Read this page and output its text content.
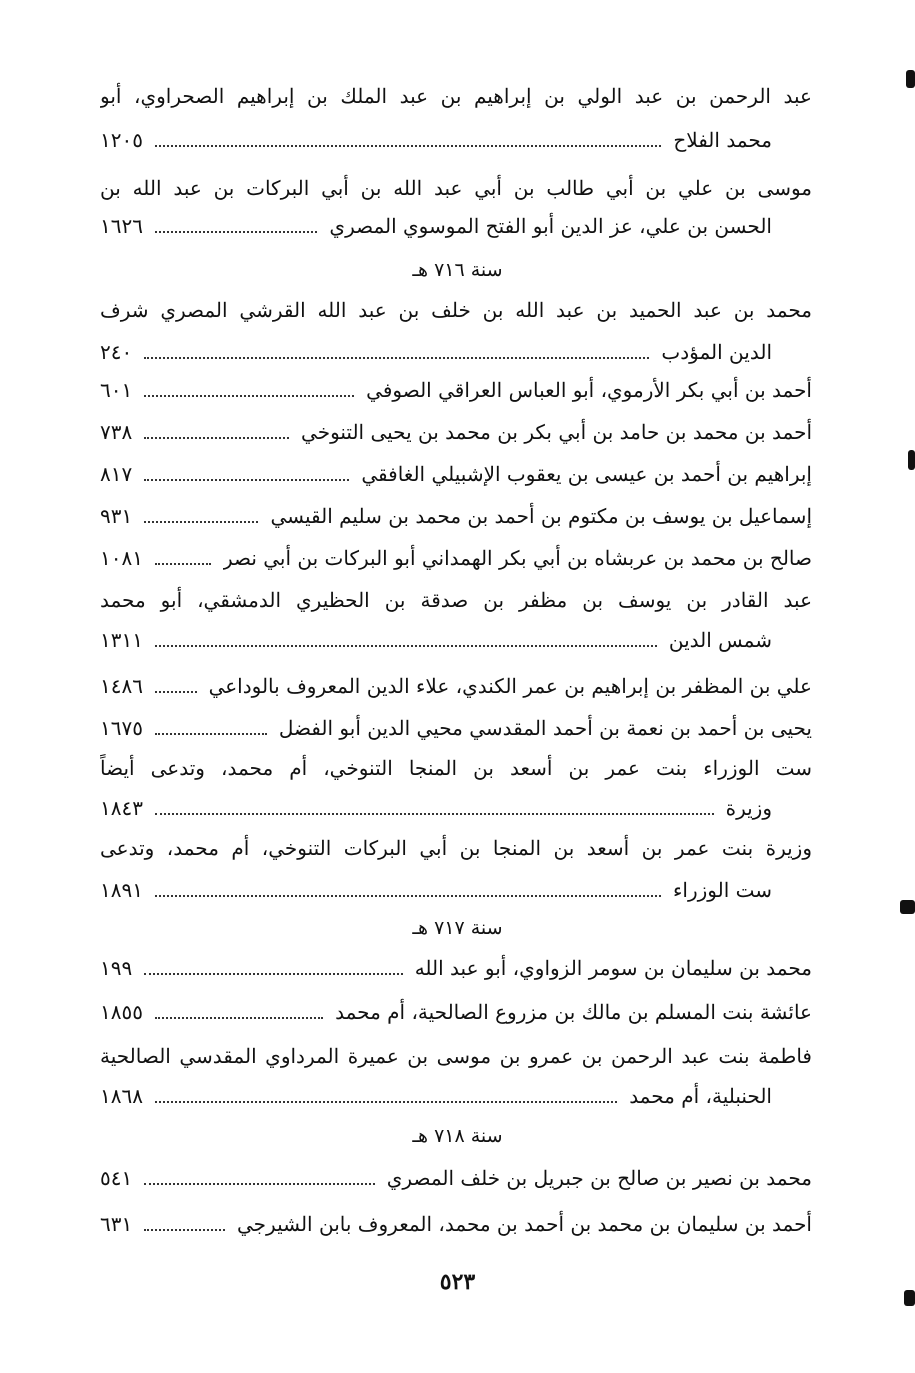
عبد الرحمن بن عبد الولي بن إبراهيم بن عبد الملك بن إبراهيم الصحراوي، أبو
محمد الفلاح
١٢٠٥
موسى بن علي بن أبي طالب بن أبي عبد الله بن أبي البركات بن عبد الله بن
الحسن بن علي، عز الدين أبو الفتح الموسوي المصري
١٦٢٦
سنة ٧١٦ هـ
محمد بن عبد الحميد بن عبد الله بن خلف بن عبد الله القرشي المصري شرف
الدين المؤدب
٢٤٠
أحمد بن أبي بكر الأرموي، أبو العباس العراقي الصوفي
٦٠١
أحمد بن محمد بن حامد بن أبي بكر بن محمد بن يحيى التنوخي
٧٣٨
إبراهيم بن أحمد بن عيسى بن يعقوب الإشبيلي الغافقي
٨١٧
إسماعيل بن يوسف بن مكتوم بن أحمد بن محمد بن سليم القيسي
٩٣١
صالح بن محمد بن عربشاه بن أبي بكر الهمداني أبو البركات بن أبي نصر
١٠٨١
عبد القادر بن يوسف بن مظفر بن صدقة بن الحظيري الدمشقي، أبو محمد
شمس الدين
١٣١١
علي بن المظفر بن إبراهيم بن عمر الكندي، علاء الدين المعروف بالوداعي
١٤٨٦
يحيى بن أحمد بن نعمة بن أحمد المقدسي محيي الدين أبو الفضل
١٦٧٥
ست الوزراء بنت عمر بن أسعد بن المنجا التنوخي، أم محمد، وتدعى أيضاً
وزيرة
١٨٤٣
وزيرة بنت عمر بن أسعد بن المنجا بن أبي البركات التنوخي، أم محمد، وتدعى
ست الوزراء
١٨٩١
سنة ٧١٧ هـ
محمد بن سليمان بن سومر الزواوي، أبو عبد الله
١٩٩
عائشة بنت المسلم بن مالك بن مزروع الصالحية، أم محمد
١٨٥٥
فاطمة بنت عبد الرحمن بن عمرو بن موسى بن عميرة المرداوي المقدسي الصالحية
الحنبلية، أم محمد
١٨٦٨
سنة ٧١٨ هـ
محمد بن نصير بن صالح بن جبريل بن خلف المصري
٥٤١
أحمد بن سليمان بن محمد بن أحمد بن محمد، المعروف بابن الشيرجي
٦٣١
٥٢٣
